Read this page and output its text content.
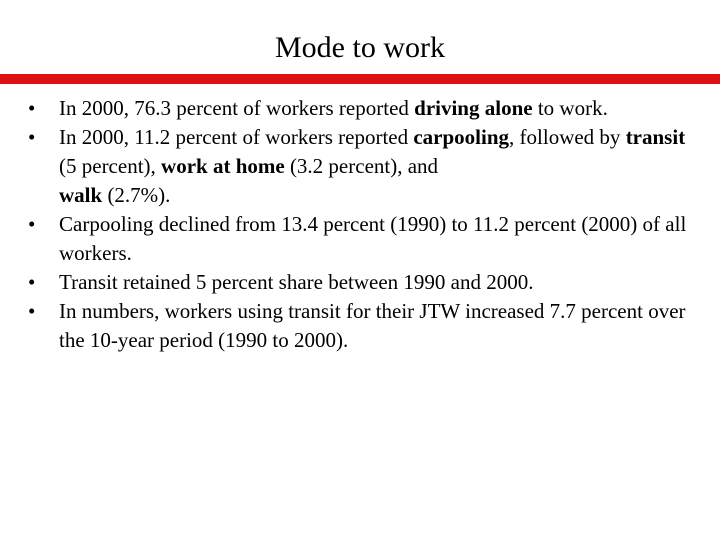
Mode to work
•
In 2000, 76.3 percent of workers reported driving alone to work.
•
In 2000, 11.2 percent of workers reported carpooling, followed by transit (5 percent), work at home (3.2 percent), and
walk (2.7%).
•
Carpooling declined from 13.4 percent (1990) to 11.2 percent (2000) of all workers.
•
Transit retained 5 percent share between 1990 and 2000.
•
In numbers, workers using transit for their JTW increased 7.7 percent over the 10-year period (1990 to 2000).
